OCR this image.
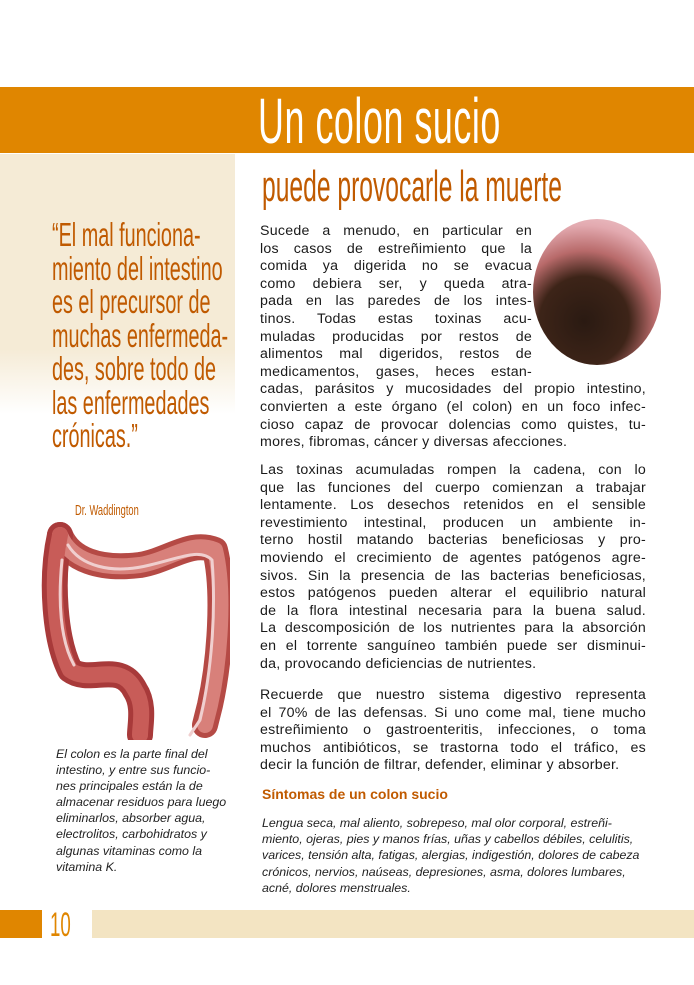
Un colon sucio
puede provocarle la muerte
“El mal funciona-
miento del intestino
es el precursor de
muchas enfermeda-
des, sobre todo de
las enfermedades
crónicas.”
Dr. Waddington
El colon es la parte final del
intestino, y entre sus funcio-
nes principales están la de
almacenar residuos para luego
eliminarlos, absorber agua,
electrolitos, carbohidratos y
algunas vitaminas como la
vitamina K.
Sucede a menudo, en particular en
los casos de estreñimiento que la
comida ya digerida no se evacua
como debiera ser, y queda atra-
pada en las paredes de los intes-
tinos. Todas estas toxinas acu-
muladas producidas por restos de
alimentos mal digeridos, restos de
medicamentos, gases, heces estan-
cadas, parásitos y mucosidades del propio intestino,
convierten a este órgano (el colon) en un foco infec-
cioso capaz de provocar dolencias como quistes, tu-
mores, fibromas, cáncer y diversas afecciones.
Las toxinas acumuladas rompen la cadena, con lo
que las funciones del cuerpo comienzan a trabajar
lentamente. Los desechos retenidos en el sensible
revestimiento intestinal, producen un ambiente in-
terno hostil matando bacterias beneficiosas y pro-
moviendo el crecimiento de agentes patógenos agre-
sivos. Sin la presencia de las bacterias beneficiosas,
estos patógenos pueden alterar el equilibrio natural
de la flora intestinal necesaria para la buena salud.
La descomposición de los nutrientes para la absorción
en el torrente sanguíneo también puede ser disminui-
da, provocando deficiencias de nutrientes.
Recuerde que nuestro sistema digestivo representa
el 70% de las defensas. Si uno come mal, tiene mucho
estreñimiento o gastroenteritis, infecciones, o toma
muchos antibióticos, se trastorna todo el tráfico, es
decir la función de filtrar, defender, eliminar y absorber.
Síntomas de un colon sucio
Lengua seca, mal aliento, sobrepeso, mal olor corporal, estreñi-
miento, ojeras, pies y manos frías, uñas y cabellos débiles, celulitis,
varices, tensión alta, fatigas, alergias, indigestión, dolores de cabeza
crónicos, nervios, naúseas, depresiones, asma, dolores lumbares,
acné, dolores menstruales.
10
